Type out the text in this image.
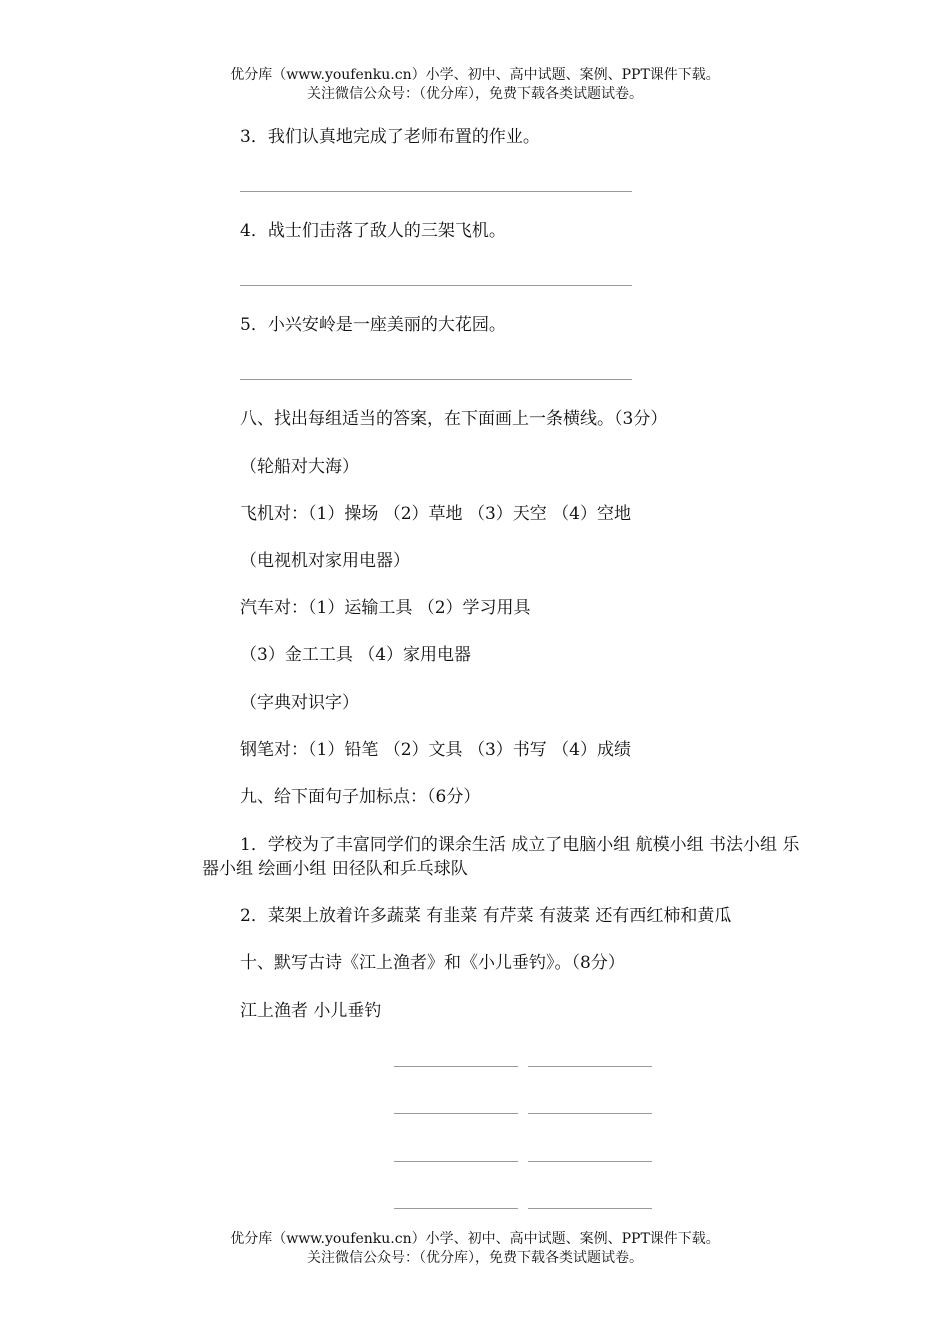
优分库（www.youfenku.cn）小学、初中、高中试题、案例、PPT课件下载。
关注微信公众号：（优分库），免费下载各类试题试卷。
3．我们认真地完成了老师布置的作业。
4．战士们击落了敌人的三架飞机。
5．小兴安岭是一座美丽的大花园。
八、找出每组适当的答案，在下面画上一条横线。（3分）
（轮船对大海）
飞机对：（1）操场 （2）草地 （3）天空 （4）空地
（电视机对家用电器）
汽车对：（1）运输工具 （2）学习用具
（3）金工工具 （4）家用电器
（字典对识字）
钢笔对：（1）铅笔 （2）文具 （3）书写 （4）成绩
九、给下面句子加标点：（6分）
1．学校为了丰富同学们的课余生活 成立了电脑小组 航模小组 书法小组 乐器小组 绘画小组 田径队和乒乓球队
2．菜架上放着许多蔬菜 有韭菜 有芹菜 有菠菜 还有西红柿和黄瓜
十、默写古诗《江上渔者》和《小儿垂钓》。（8分）
江上渔者 小儿垂钓
优分库（www.youfenku.cn）小学、初中、高中试题、案例、PPT课件下载。
关注微信公众号：（优分库），免费下载各类试题试卷。
